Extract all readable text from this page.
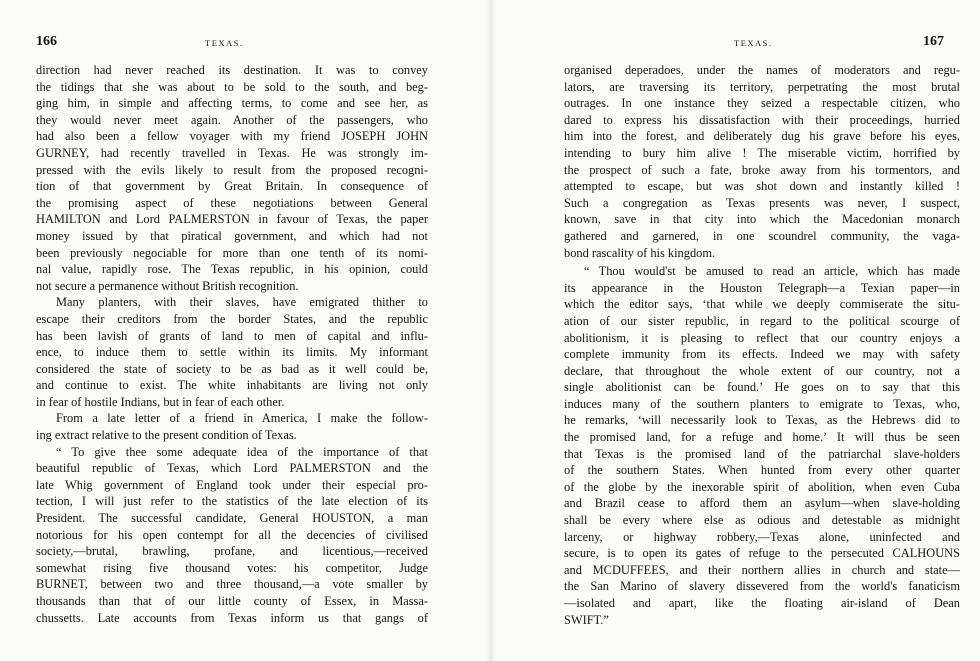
166	TEXAS.
direction had never reached its destination. It was to convey
the tidings that she was about to be sold to the south, and beg-
ging him, in simple and affecting terms, to come and see her, as
they would never meet again. Another of the passengers, who
had also been a fellow voyager with my friend JOSEPH JOHN
GURNEY, had recently travelled in Texas. He was strongly im-
pressed with the evils likely to result from the proposed recogni-
tion of that government by Great Britain. In consequence of
the promising aspect of these negotiations between General
HAMILTON and Lord PALMERSTON in favour of Texas, the paper
money issued by that piratical government, and which had not
been previously negociable for more than one tenth of its nomi-
nal value, rapidly rose. The Texas republic, in his opinion, could
not secure a permanence without British recognition.
Many planters, with their slaves, have emigrated thither to
escape their creditors from the border States, and the republic
has been lavish of grants of land to men of capital and influ-
ence, to induce them to settle within its limits. My informant
considered the state of society to be as bad as it well could be,
and continue to exist. The white inhabitants are living not only
in fear of hostile Indians, but in fear of each other.
From a late letter of a friend in America, I make the follow-
ing extract relative to the present condition of Texas.
“ To give thee some adequate idea of the importance of that
beautiful republic of Texas, which Lord PALMERSTON and the
late Whig government of England took under their especial pro-
tection, I will just refer to the statistics of the late election of its
President. The successful candidate, General HOUSTON, a man
notorious for his open contempt for all the decencies of civilised
society,—brutal, brawling, profane, and licentious,—received
somewhat rising five thousand votes: his competitor, Judge
BURNET, between two and three thousand,—a vote smaller by
thousands than that of our little county of Essex, in Massa-
chussetts. Late accounts from Texas inform us that gangs of
TEXAS.	167
organised deperadoes, under the names of moderators and regu-
lators, are traversing its territory, perpetrating the most brutal
outrages. In one instance they seized a respectable citizen, who
dared to express his dissatisfaction with their proceedings, hurried
him into the forest, and deliberately dug his grave before his eyes,
intending to bury him alive ! The miserable victim, horrified by
the prospect of such a fate, broke away from his tormentors, and
attempted to escape, but was shot down and instantly killed !
Such a congregation as Texas presents was never, I suspect,
known, save in that city into which the Macedonian monarch
gathered and garnered, in one scoundrel community, the vaga-
bond rascality of his kingdom.
“ Thou would'st be amused to read an article, which has made
its appearance in the Houston Telegraph—a Texian paper—in
which the editor says, ‘that while we deeply commiserate the situ-
ation of our sister republic, in regard to the political scourge of
abolitionism, it is pleasing to reflect that our country enjoys a
complete immunity from its effects. Indeed we may with safety
declare, that throughout the whole extent of our country, not a
single abolitionist can be found.’ He goes on to say that this
induces many of the southern planters to emigrate to Texas, who,
he remarks, ‘will necessarily look to Texas, as the Hebrews did to
the promised land, for a refuge and home.’ It will thus be seen
that Texas is the promised land of the patriarchal slave-holders
of the southern States. When hunted from every other quarter
of the globe by the inexorable spirit of abolition, when even Cuba
and Brazil cease to afford them an asylum—when slave-holding
shall be every where else as odious and detestable as midnight
larceny, or highway robbery,—Texas alone, uninfected and
secure, is to open its gates of refuge to the persecuted CALHOUNS
and MCDUFFEES, and their northern allies in church and state—
the San Marino of slavery dissevered from the world's fanaticism
—isolated and apart, like the floating air-island of Dean
SWIFT.”
